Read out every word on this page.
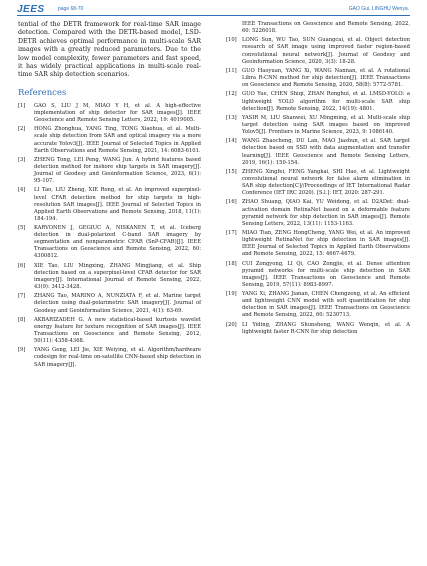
JEES	page 68-70	GAO Gui, LINGHU Wenya.

tential of the DETR framework for real-time SAR image detection. Compared with the DETR-based model, LSD-DETR achieves optimal performance in multi-scale SAR images with a greatly reduced parameters. Due to the low model complexity, fewer parameters and fast speed, it has widely practical applications in multi-scale real-time SAR ship detection scenarios.

References
[1]	GAO S, LIU J M, MIAO Y H, et al. A high-effective implementation of ship detector for SAR images[J]. IEEE Geoscience and Remote Sensing Letters, 2022, 19: 4019005.
[2]	HONG Zhonghua, YANG Ting, TONG Xiaohua, et al. Multi-scale ship detection from SAR and optical imagery via a more accurate Yolov3[J]. IEEE Journal of Selected Topics in Applied Earth Observations and Remote Sensing, 2021, 14: 6083-6101.
[3]	ZHENG Tong, LEI Peng, WANG Jun. A hybrid features based detection method for inshore ship targets in SAR imagery[J]. Journal of Geodesy and Geoinformation Science, 2023, 6(1): 95-107.
[4]	LI Tao, LIU Zheng, XIE Rong, et al. An improved superpixel-level CFAR detection method for ship targets in high-resolution SAR images[J]. IEEE Journal of Selected Topics in Applied Earth Observations and Remote Sensing, 2018, 11(1): 184-194.
[5]	KARVONEN J, GEGIUC A, NISKANEN T, et al. Iceberg detection in dual-polarized C-band SAR imagery by segmentation and nonparametric CFAR (SnP-CFAR)[J]. IEEE Transactions on Geoscience and Remote Sensing, 2022, 60: 4300812.
[6]	XIE Tao, LIU Mingxing, ZHANG Mingjiang, et al. Ship detection based on a superpixel-level CFAR detector for SAR imagery[J]. International Journal of Remote Sensing, 2022, 43(9): 3412-3428.
[7]	ZHANG Tao, MARINO A, NUNZIATA F, et al. Marine target detection using dual-polarimetric SAR imagery[J]. Journal of Geodesy and Geoinformation Science, 2021, 4(1): 63-69.
[8]	AKBARIZADEH G. A new statistical-based kurtosis wavelet energy feature for texture recognition of SAR images[J]. IEEE Transactions on Geoscience and Remote Sensing, 2012, 50(11): 4358-4368.
[9]	YANG Geng, LEI Jie, XIE Weiying, et al. Algorithm/hardware codesign for real-time on-satellite CNN-based ship detection in SAR imagery[J].
IEEE Transactions on Geoscience and Remote Sensing, 2022, 60: 5226018.
[10]	LONG Sun, WU Tao, SUN Guangcai, et al. Object detection research of SAR image using improved faster region-based convolutional neural network[J]. Journal of Geodesy and Geoinformation Science, 2020, 3(3): 18-28.
[11]	GUO Haoyuan, YANG Xi, WANG Nannan, et al. A rotational Libra R-CNN method for ship detection[J]. IEEE Transactions on Geoscience and Remote Sensing, 2020, 58(8): 5772-5781.
[12]	GUO Yue, CHEN Shiqi, ZHAN Ronghui, et al. LMSD-YOLO: a lightweight YOLO algorithm for multi-scale SAR ship detection[J]. Remote Sensing, 2022, 14(19): 4801.
[13]	YASIR M, LIU Shanwei, XU Mingming, et al. Multi-scale ship target detection using SAR images based on improved Yolov5[J]. Frontiers in Marine Science, 2023, 9: 1086140.
[14]	WANG Zhaocheng, DU Lan, MAO Jiashun, et al. SAR target detection based on SSD with data augmentation and transfer learning[J]. IEEE Geoscience and Remote Sensing Letters, 2019, 16(1): 150-154.
[15]	ZHENG Xingfei, FENG Yangkai, SHI Hao, et al. Lightweight convolutional neural network for false alarm elimination in SAR ship detection[C]//Proceedings of IET International Radar Conference (IET IRC 2020). [S.l.]: IET, 2020: 287-291.
[16]	ZHAO Shuang, QIAO Kai, YU Weidong, et al. D2ADet: dual-activation domain RetinaNet based on a deformable feature pyramid network for ship detection in SAR images[J]. Remote Sensing Letters, 2022, 13(11): 1153-1163.
[17]	MIAO Tian, ZENG HongCheng, YANG Wei, et al. An improved lightweight RetinaNet for ship detection in SAR images[J]. IEEE Journal of Selected Topics in Applied Earth Observations and Remote Sensing, 2022, 15: 4667-4679.
[18]	CUI Zongyong, LI Qi, CAO Zongjie, et al. Dense attention pyramid networks for multi-scale ship detection in SAR images[J]. IEEE Transactions on Geoscience and Remote Sensing, 2019, 57(11): 8983-8997.
[19]	YANG Xi, ZHANG Jianan, CHEN Chengzeng, et al. An efficient and lightweight CNN model with soft quantification for ship detection in SAR images[J]. IEEE Transactions on Geoscience and Remote Sensing, 2022, 60: 5230713.
[20]	LI Yiding, ZHANG Shunsheng, WANG Wenqin, et al. A lightweight faster R-CNN for ship detection
